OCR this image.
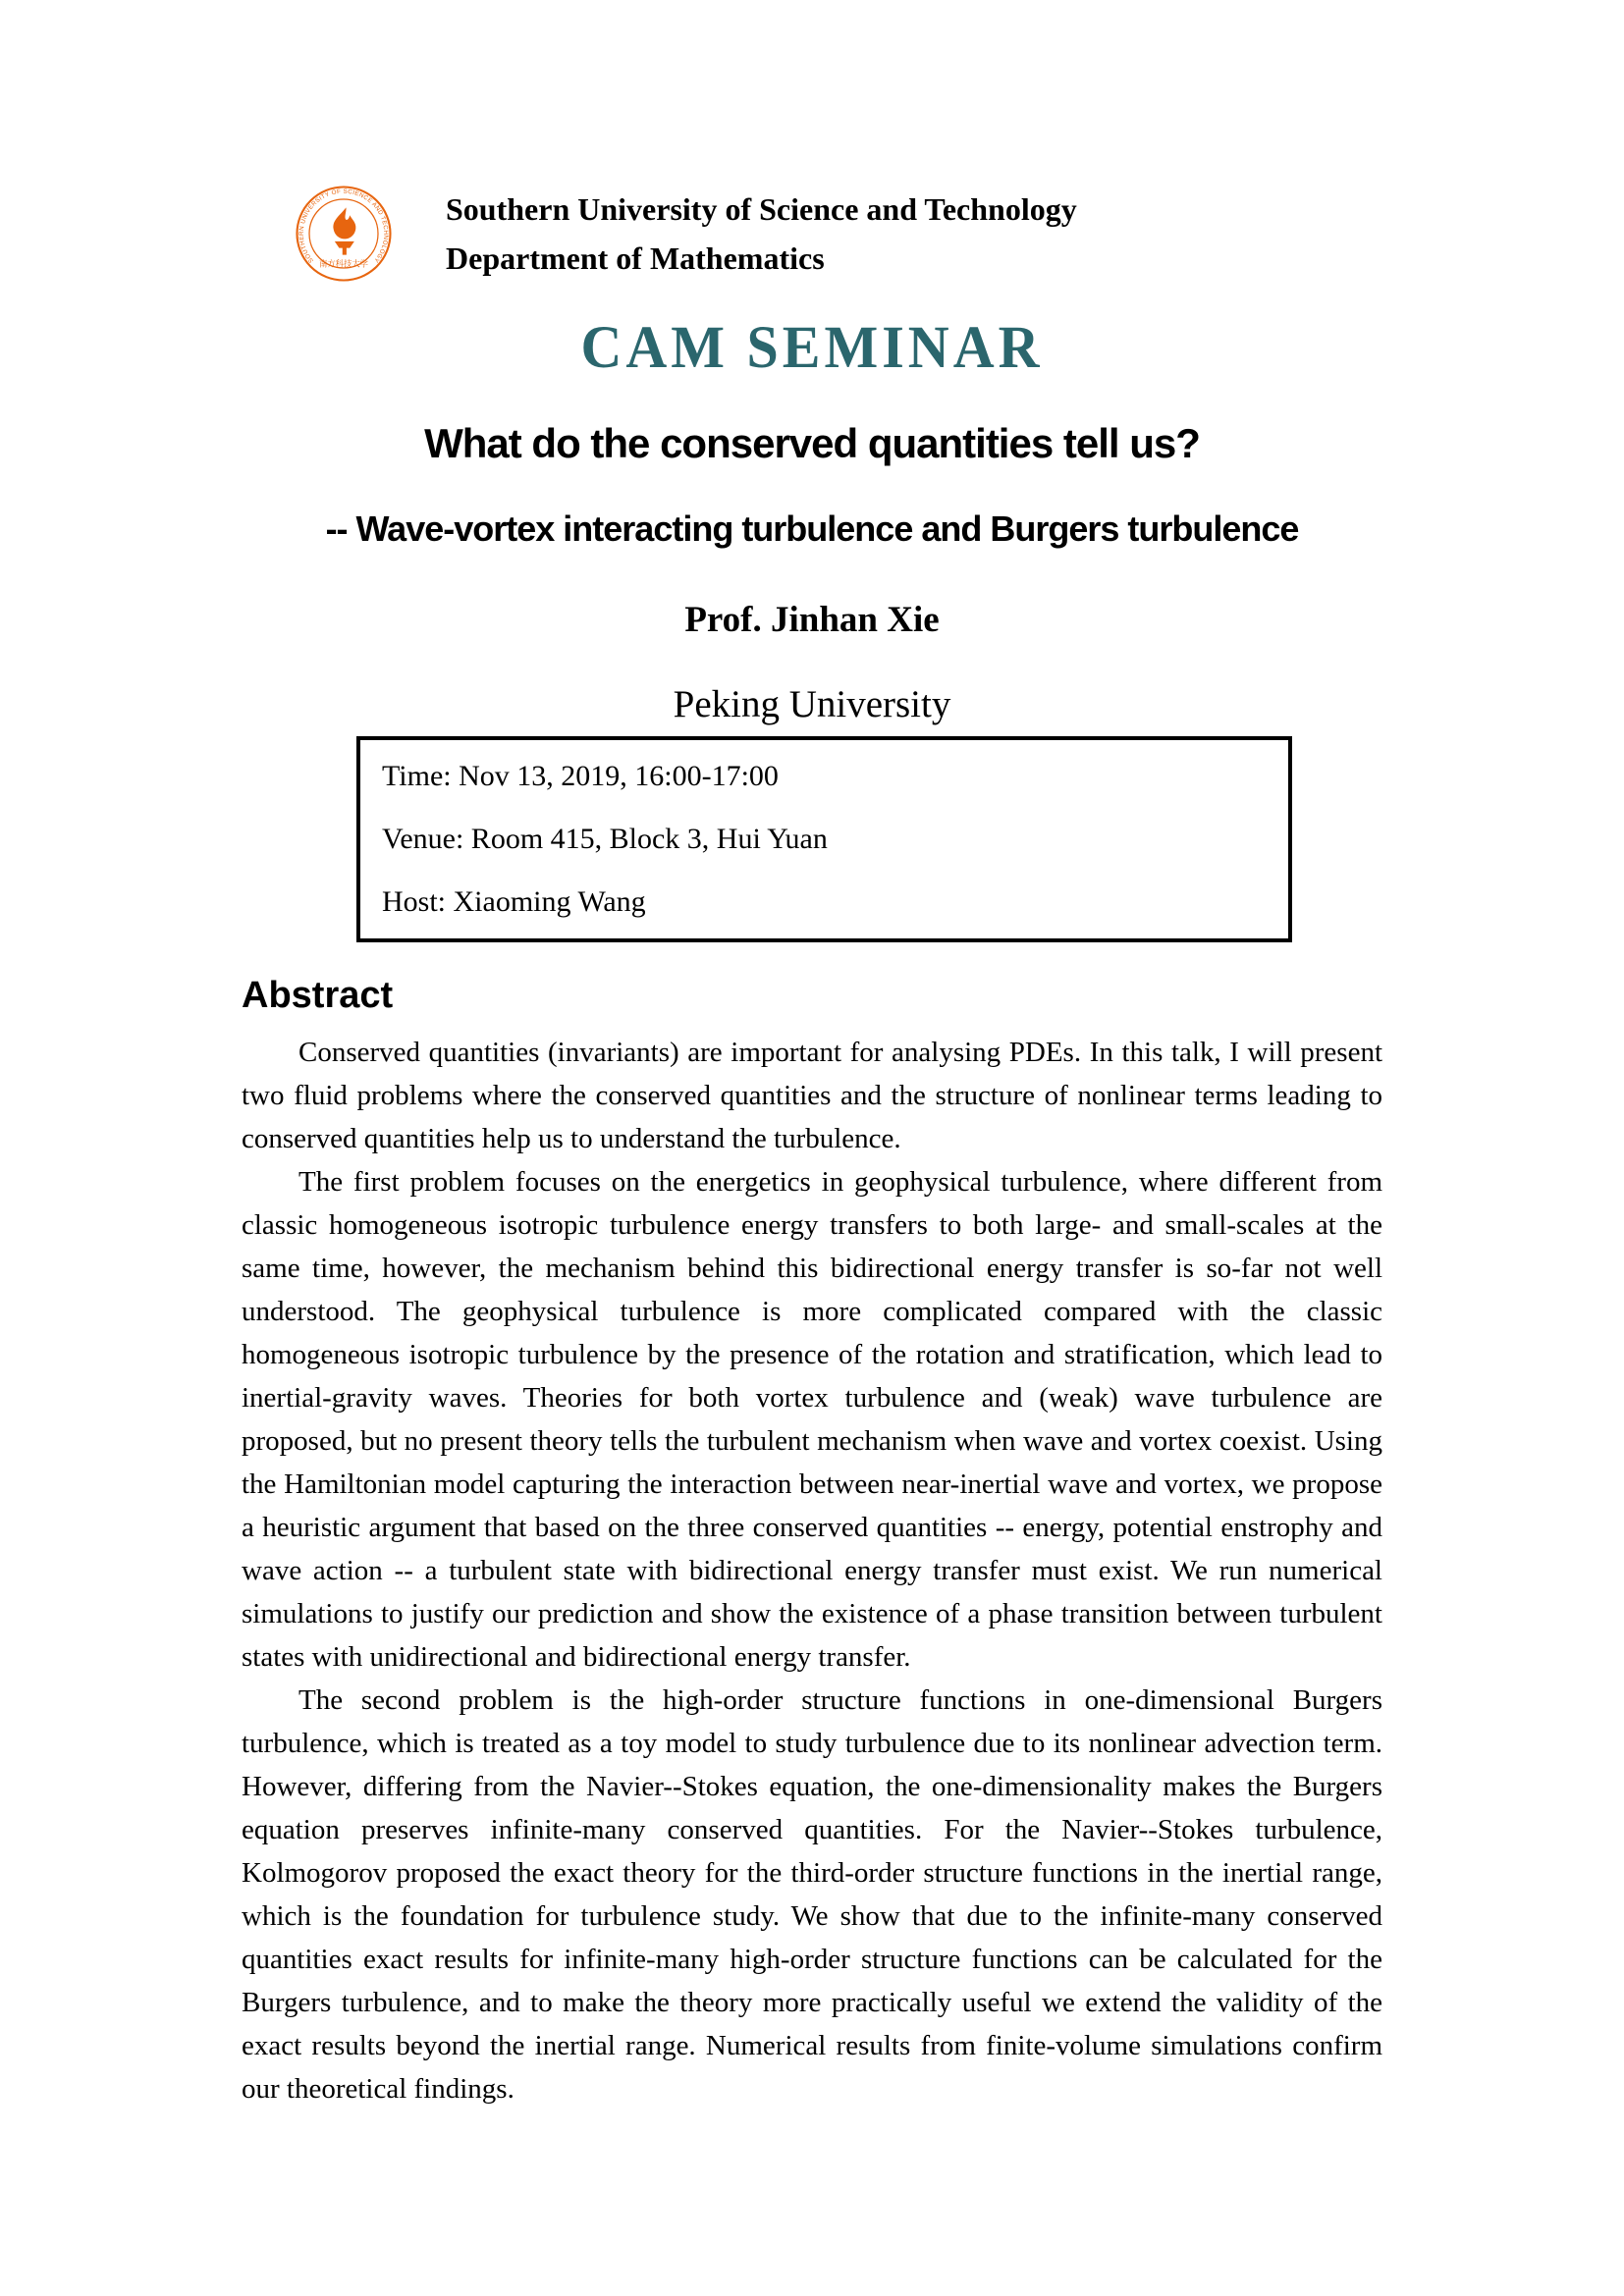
SOUTHERN UNIVERSITY OF SCIENCE AND TECHNOLOGY
南方科技大学
Southern University of Science and Technology
Department of Mathematics
CAM SEMINAR
What do the conserved quantities tell us?
-- Wave-vortex interacting turbulence and Burgers turbulence
Prof. Jinhan Xie
Peking University
Time: Nov 13, 2019, 16:00-17:00
Venue: Room 415, Block 3, Hui Yuan
Host: Xiaoming Wang
Abstract

Conserved quantities (invariants) are important for analysing PDEs. In this talk, I will present two fluid problems where the conserved quantities and the structure of nonlinear terms leading to conserved quantities help us to understand the turbulence.

The first problem focuses on the energetics in geophysical turbulence, where different from classic homogeneous isotropic turbulence energy transfers to both large- and small-scales at the same time, however, the mechanism behind this bidirectional energy transfer is so-far not well understood. The geophysical turbulence is more complicated compared with the classic homogeneous isotropic turbulence by the presence of the rotation and stratification, which lead to inertial-gravity waves. Theories for both vortex turbulence and (weak) wave turbulence are proposed, but no present theory tells the turbulent mechanism when wave and vortex coexist. Using the Hamiltonian model capturing the interaction between near-inertial wave and vortex, we propose a heuristic argument that based on the three conserved quantities -- energy, potential enstrophy and wave action -- a turbulent state with bidirectional energy transfer must exist. We run numerical simulations to justify our prediction and show the existence of a phase transition between turbulent states with unidirectional and bidirectional energy transfer.

The second problem is the high-order structure functions in one-dimensional Burgers turbulence, which is treated as a toy model to study turbulence due to its nonlinear advection term. However, differing from the Navier--Stokes equation, the one-dimensionality makes the Burgers equation preserves infinite-many conserved quantities. For the Navier--Stokes turbulence, Kolmogorov proposed the exact theory for the third-order structure functions in the inertial range, which is the foundation for turbulence study. We show that due to the infinite-many conserved quantities exact results for infinite-many high-order structure functions can be calculated for the Burgers turbulence, and to make the theory more practically useful we extend the validity of the exact results beyond the inertial range. Numerical results from finite-volume simulations confirm our theoretical findings.
